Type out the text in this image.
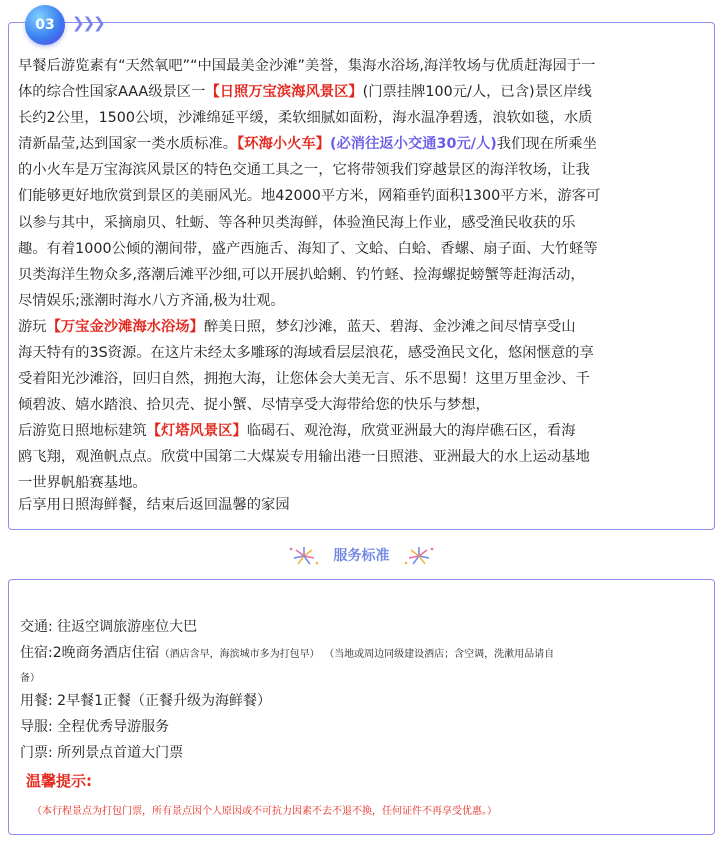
03	❯❯❯
早餐后游览素有“天然氧吧”“中国最美金沙滩”美誉，集海水浴场,海洋牧场与优质赶海园于一
体的综合性国家AAA级景区一【日照万宝滨海风景区】(门票挂牌100元/人，已含)景区岸线
长约2公里，1500公顷，沙滩绵延平缓，柔软细腻如面粉，海水温净碧透，浪软如毯，水质
清新晶莹,达到国家一类水质标准。【环海小火车】(必消往返小交通30元/人)我们现在所乘坐
的小火车是万宝海滨风景区的特色交通工具之一，它将带领我们穿越景区的海洋牧场，让我
们能够更好地欣赏到景区的美丽风光。地42000平方米，网箱垂钓面积1300平方米，游客可
以参与其中，采摘扇贝、牡蛎、等各种贝类海鲜，体验渔民海上作业，感受渔民收获的乐
趣。有着1000公倾的潮间带，盛产西施舌、海知了、文蛤、白蛤、香螺、扇子面、大竹蛏等
贝类海洋生物众多,落潮后滩平沙细,可以开展扒蛤蜊、钓竹蛏、捡海螺捉螃蟹等赶海活动，
尽情娱乐;涨潮时海水八方齐涌,极为壮观。
游玩【万宝金沙滩海水浴场】醉美日照，梦幻沙滩，蓝天、碧海、金沙滩之间尽情享受山
海天特有的3S资源。在这片未经太多雕琢的海域看层层浪花，感受渔民文化，悠闲惬意的享
受着阳光沙滩浴，回归自然，拥抱大海，让您体会大美无言、乐不思蜀！这里万里金沙、千
倾碧波、嬉水踏浪、拾贝壳、捉小蟹、尽情享受大海带给您的快乐与梦想，
后游览日照地标建筑【灯塔风景区】临碣石、观沧海，欣赏亚洲最大的海岸礁石区，看海
鸥飞翔，观渔帆点点。欣赏中国第二大煤炭专用输出港一日照港、亚洲最大的水上运动基地
一世界帆船赛基地。
后享用日照海鲜餐，结束后返回温馨的家园
服务标准
交通: 往返空调旅游座位大巴
住宿:2晚商务酒店住宿（酒店含早，海滨城市多为打包早） （当地或周边同级建设酒店；含空调，洗漱用品请自
备）
用餐: 2早餐1正餐（正餐升级为海鲜餐）
导服: 全程优秀导游服务
门票: 所列景点首道大门票
温馨提示:
（本行程景点为打包门票，所有景点因个人原因或不可抗力因素不去不退不换，任何证件不再享受优惠。）
